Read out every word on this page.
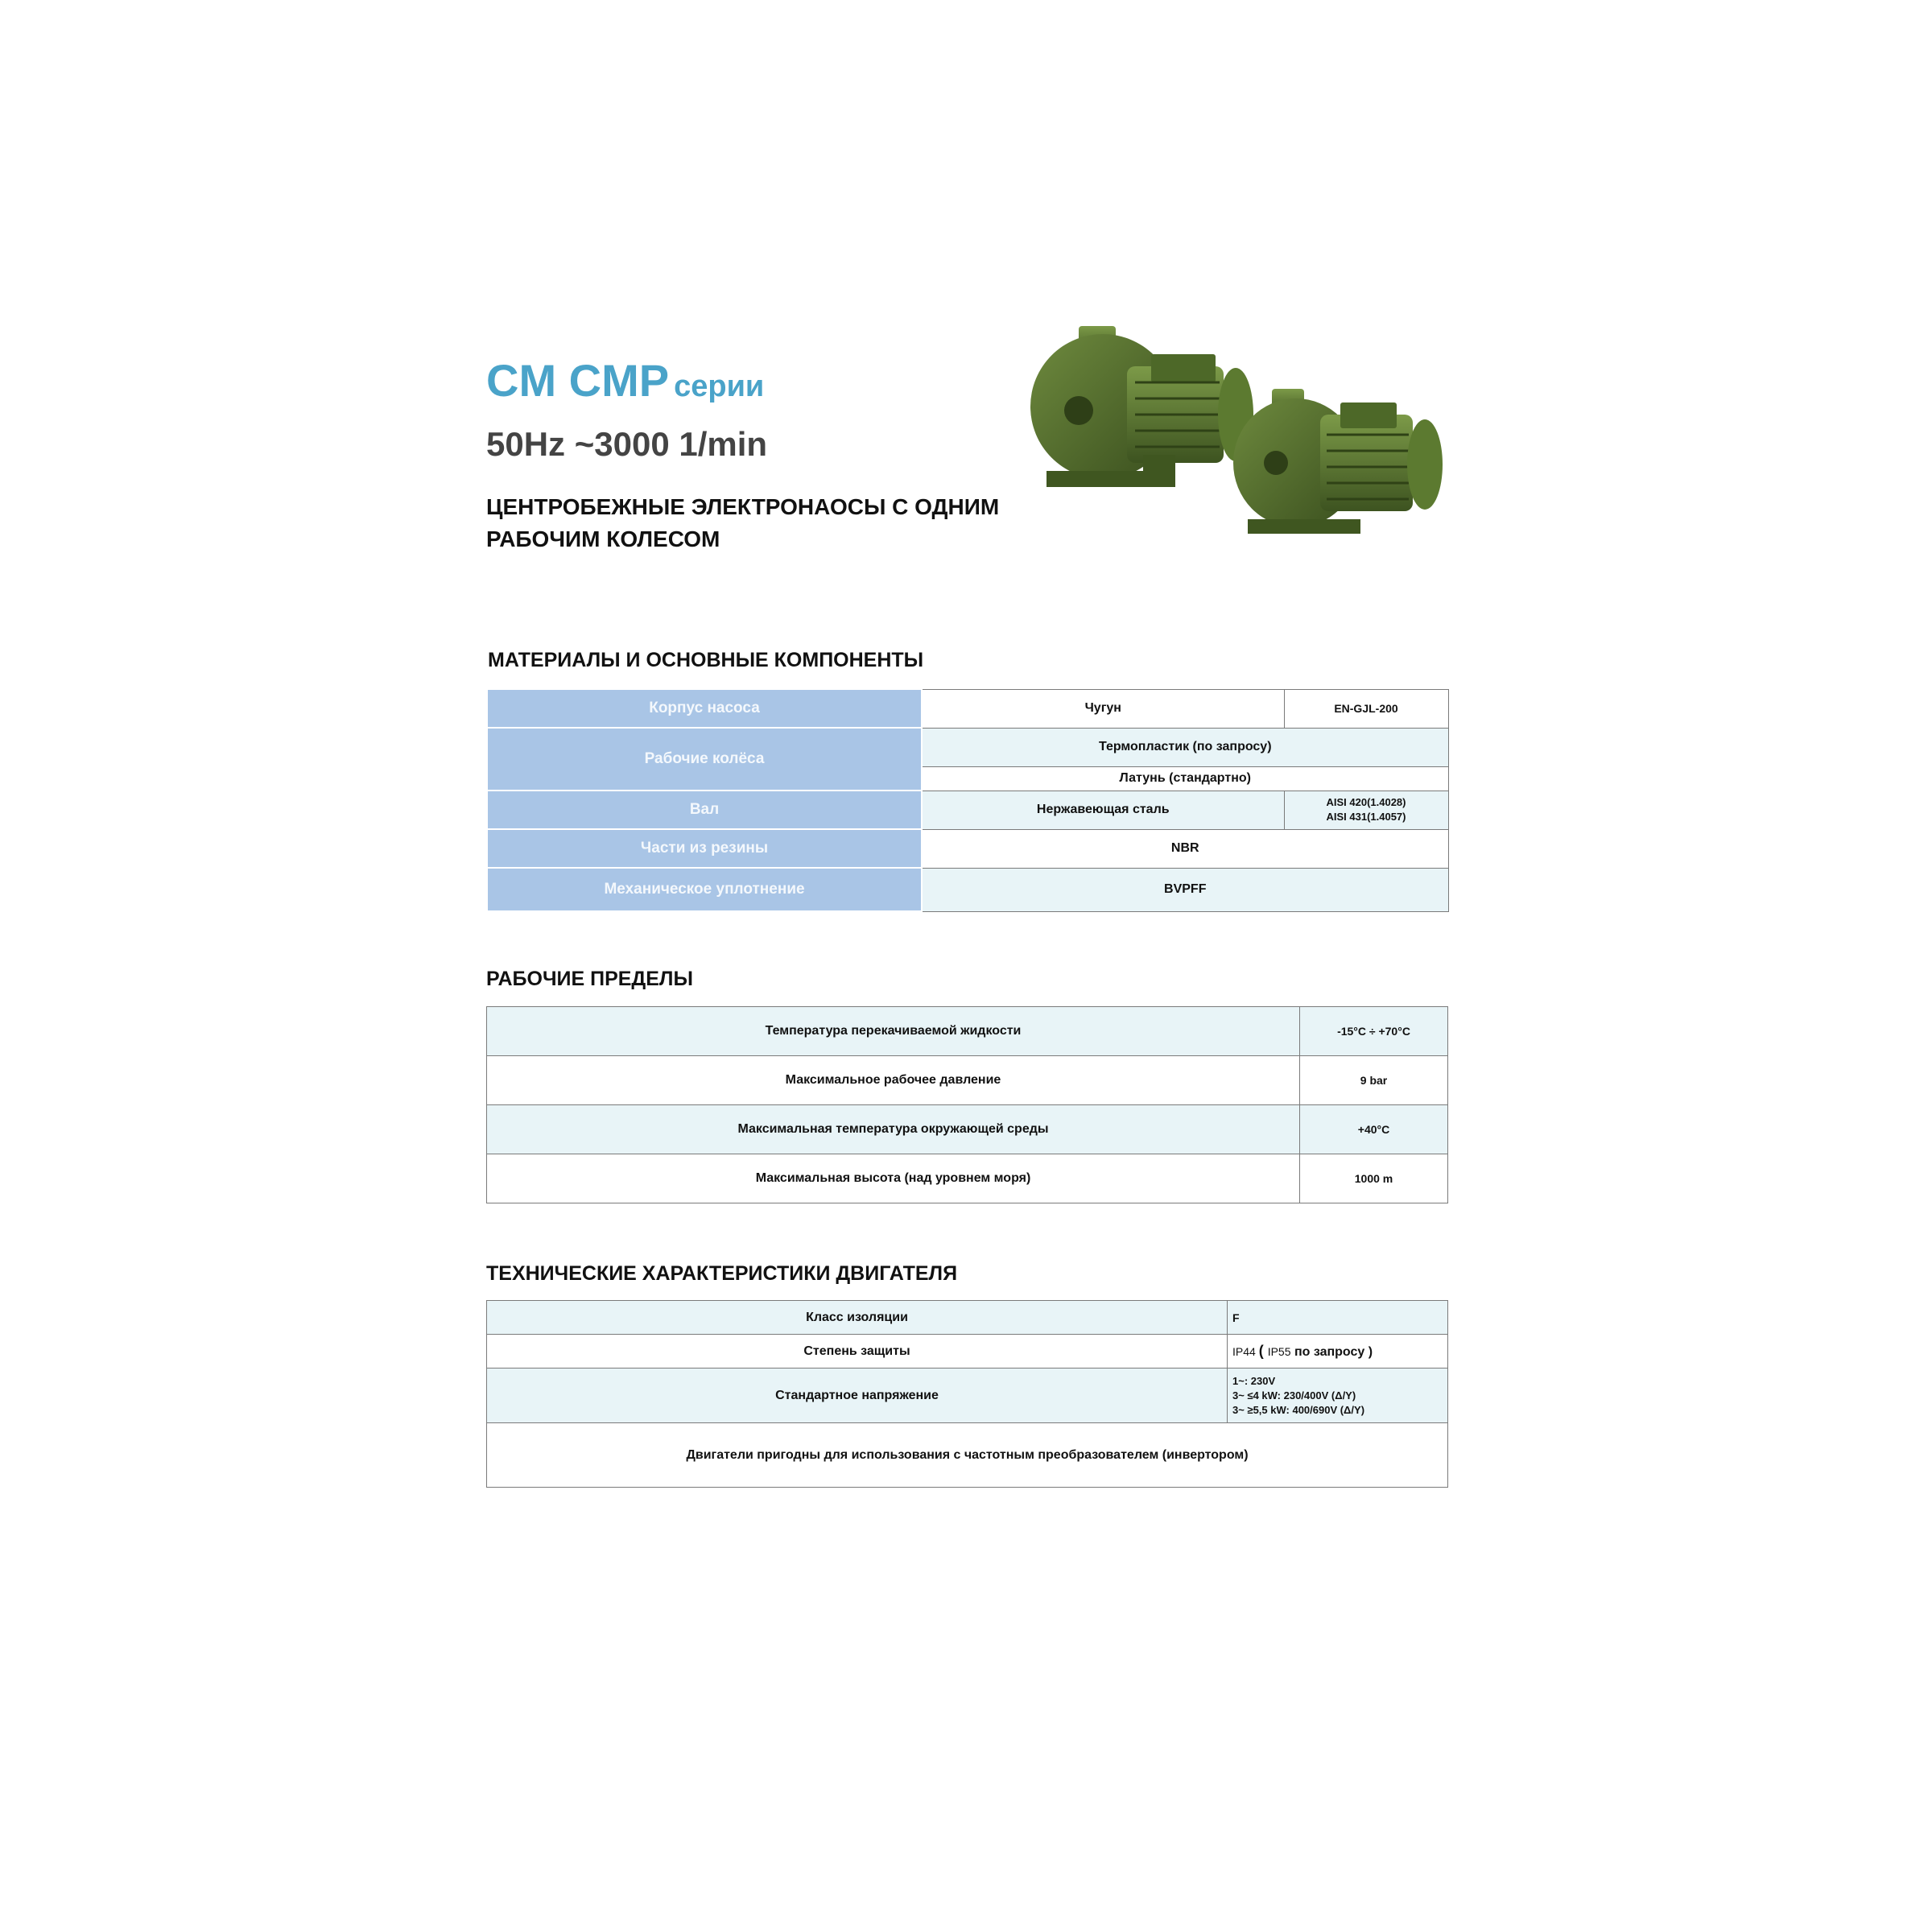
CM CMP серии
50Hz ~3000 1/min
ЦЕНТРОБЕЖНЫЕ ЭЛЕКТРОНАОСЫ С ОДНИМ РАБОЧИМ КОЛЕСОМ
МАТЕРИАЛЫ И ОСНОВНЫЕ КОМПОНЕНТЫ
Корпус насоса	Чугун	EN-GJL-200
Рабочие колёса	Термопластик (по запросу)	
	Латунь (стандартно)	
Вал	Нержавеющая сталь	AISI 420(1.4028)
AISI 431(1.4057)

Части из резины	NBR	
Механическое уплотнение	BVPFF	
РАБОЧИЕ ПРЕДЕЛЫ
Температура перекачиваемой жидкости	-15°C ÷ +70°C
Максимальное рабочее давление	9 bar
Максимальная температура окружающей среды	+40°C
Максимальная высота (над уровнем моря)	1000 m
ТЕХНИЧЕСКИЕ ХАРАКТЕРИСТИКИ ДВИГАТЕЛЯ
Класс изоляции	F
Степень защиты	IP44 ( IP55 по запросу )
Стандартное напряжение	1~: 230V
3~ ≤4 kW: 230/400V (Δ/Y)
3~ ≥5,5 kW: 400/690V (Δ/Y)

Двигатели пригодны для использования с частотным преобразователем (инвертором)	
